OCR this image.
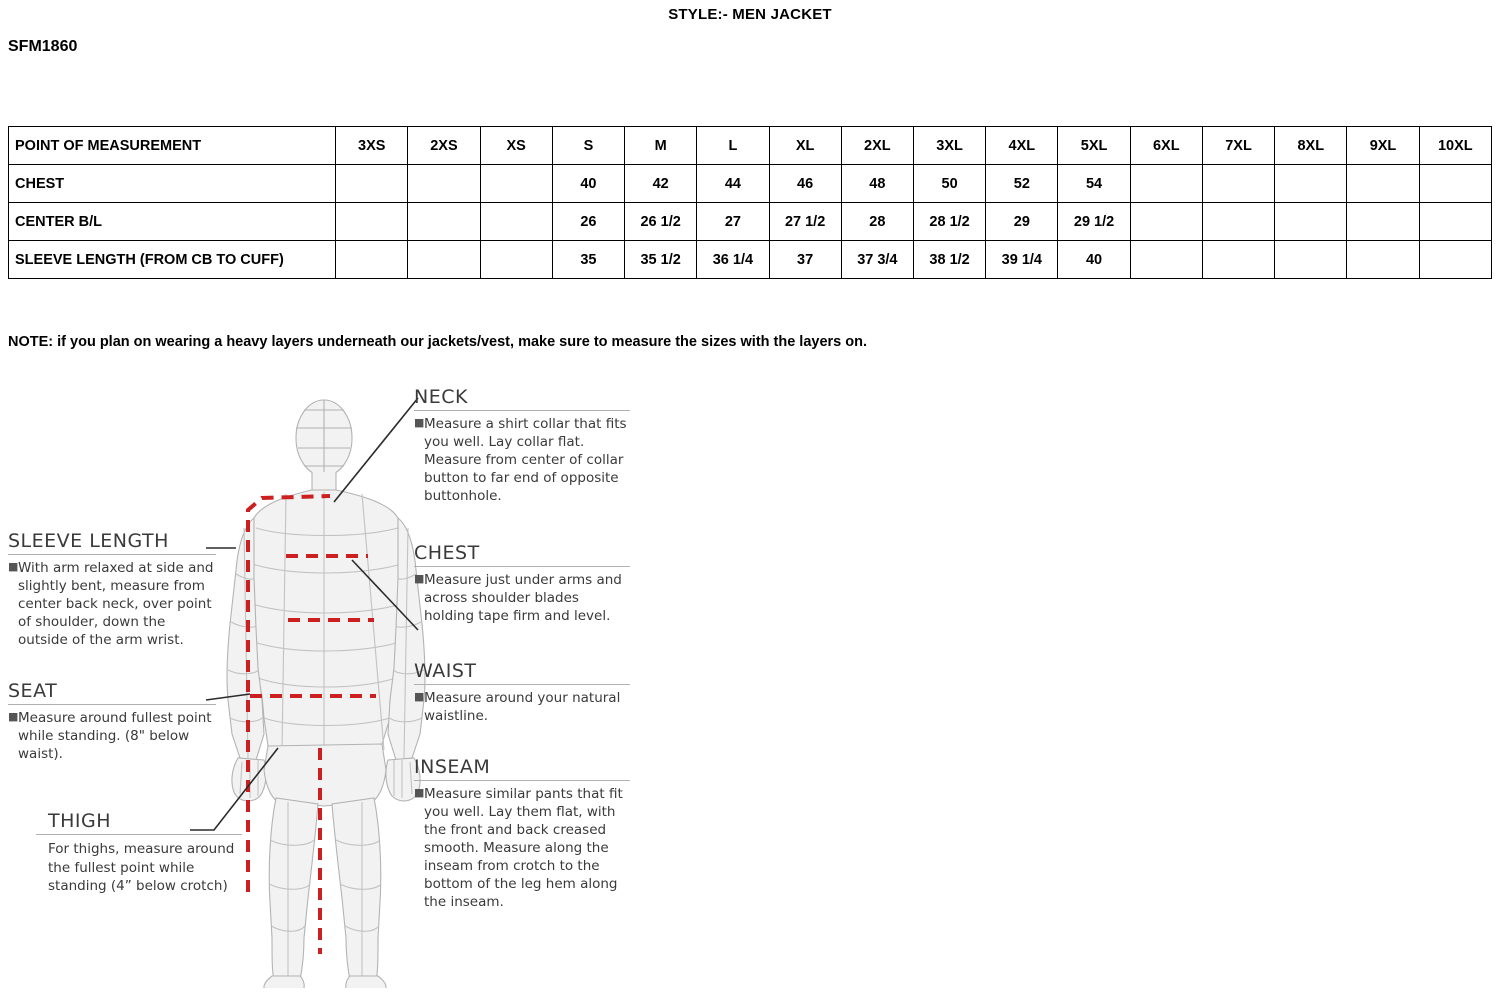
STYLE:- MEN JACKET
SFM1860
POINT OF MEASUREMENT	3XS	2XS	XS	S	M	L	XL	2XL	3XL	4XL	5XL	6XL	7XL	8XL	9XL	10XL
CHEST				40	42	44	46	48	50	52	54					
CENTER B/L				26	26 1/2	27	27 1/2	28	28 1/2	29	29 1/2					
SLEEVE LENGTH (FROM CB TO CUFF)				35	35 1/2	36 1/4	37	37 3/4	38 1/2	39 1/4	40					
NOTE: if you plan on wearing a heavy layers underneath our jackets/vest, make sure to measure the sizes with the layers on.
NECK
■Measure a shirt collar that fits you well. Lay collar flat. Measure from center of collar button to far end of opposite buttonhole.
CHEST
■Measure just under arms and across shoulder blades holding tape firm and level.
WAIST
■Measure around your natural waistline.
INSEAM
■Measure similar pants that fit you well. Lay them flat, with the front and back creased smooth. Measure along the inseam from crotch to the bottom of the leg hem along the inseam.
SLEEVE LENGTH
■With arm relaxed at side and slightly bent, measure from center back neck, over point of shoulder, down the outside of the arm wrist.
SEAT
■Measure around fullest point while standing. (8" below waist).
THIGH
For thighs, measure around the fullest point while standing (4” below crotch)
